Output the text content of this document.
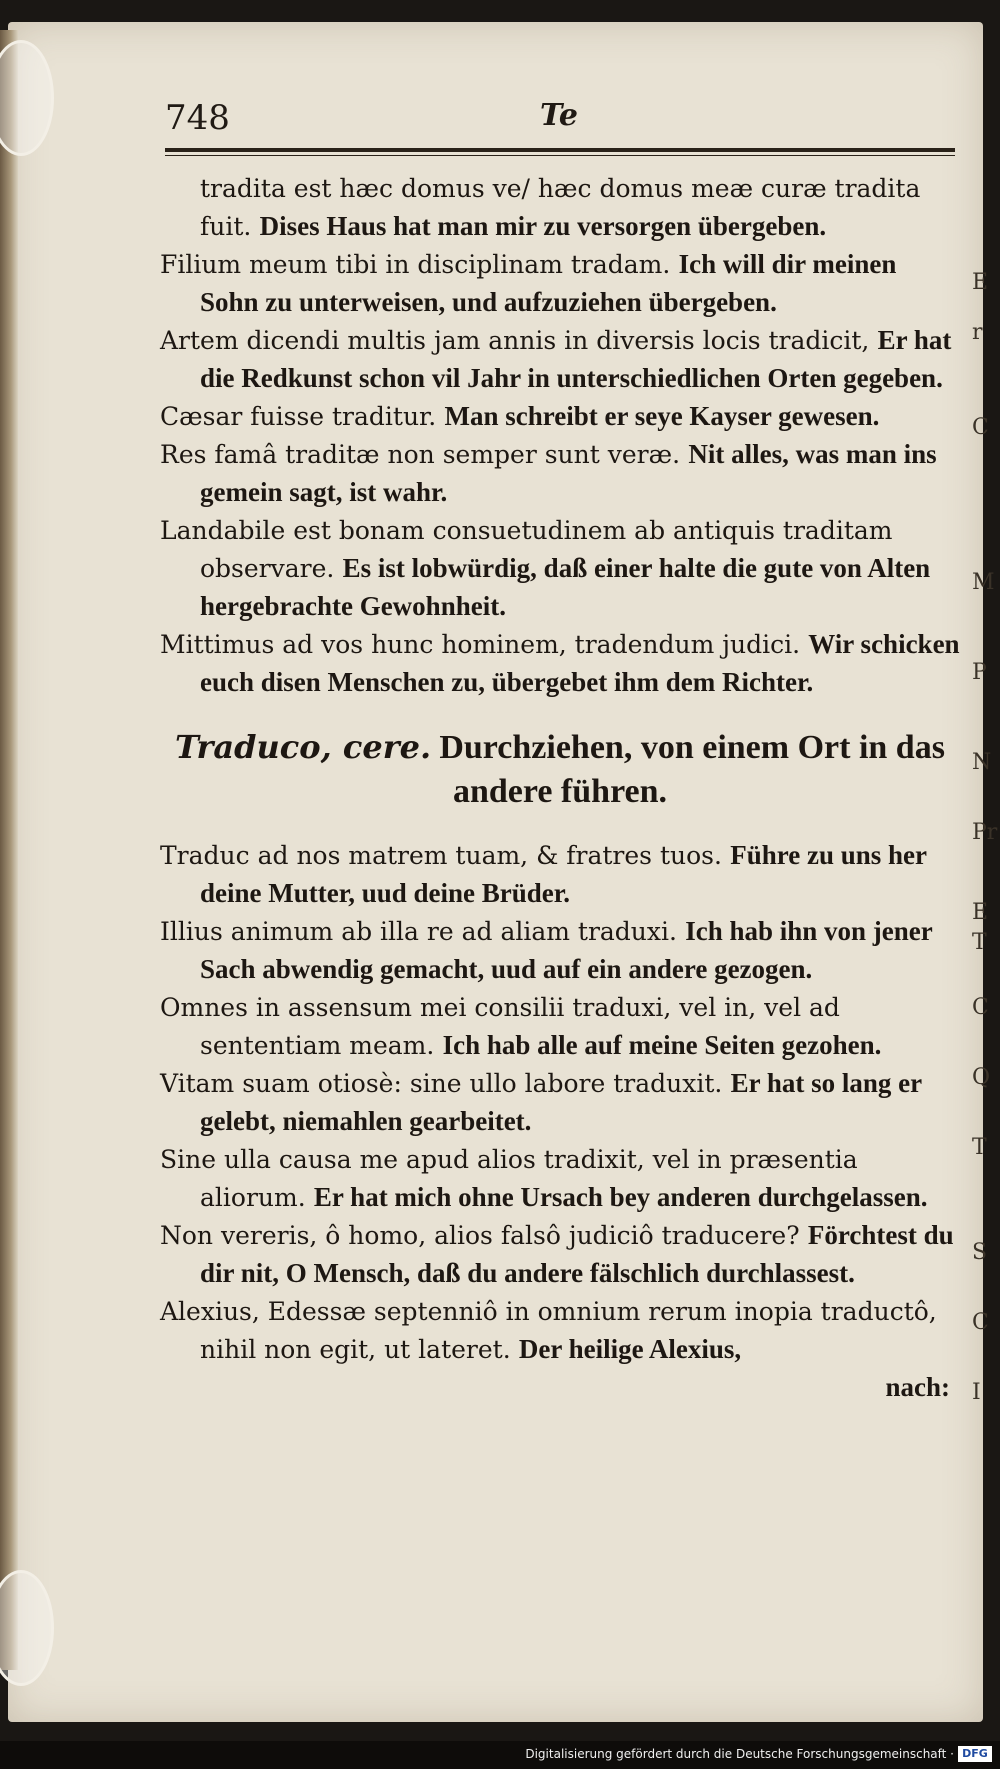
E
r
C
M
P
N
Pr
E
T
C
Q
T
S
C
I
748	Te

tradita est hæc domus ve/ hæc domus meæ curæ tradita fuit. Dises Haus hat man mir zu versorgen übergeben.

Filium meum tibi in disciplinam tradam. Ich will dir meinen Sohn zu unterweisen, und aufzuziehen übergeben.

Artem dicendi multis jam annis in diversis locis tradicit, Er hat die Redkunst schon vil Jahr in unterschiedlichen Orten gegeben.

Cæsar fuisse traditur. Man schreibt er seye Kayser gewesen.

Res famâ traditæ non semper sunt veræ. Nit alles, was man ins gemein sagt, ist wahr.

Landabile est bonam consuetudinem ab antiquis traditam observare. Es ist lobwürdig, daß einer halte die gute von Alten hergebrachte Gewohnheit.

Mittimus ad vos hunc hominem, tradendum judici. Wir schicken euch disen Menschen zu, übergebet ihm dem Richter.

Traduco, cere. Durchziehen, von einem Ort in das andere führen.

Traduc ad nos matrem tuam, & fratres tuos. Führe zu uns her deine Mutter, uud deine Brüder.

Illius animum ab illa re ad aliam traduxi. Ich hab ihn von jener Sach abwendig gemacht, uud auf ein andere gezogen.

Omnes in assensum mei consilii traduxi, vel in, vel ad sententiam meam. Ich hab alle auf meine Seiten gezohen.

Vitam suam otiosè: sine ullo labore traduxit. Er hat so lang er gelebt, niemahlen gearbeitet.

Sine ulla causa me apud alios tradixit, vel in præsentia aliorum. Er hat mich ohne Ursach bey anderen durchgelassen.

Non vereris, ô homo, alios falsô judiciô traducere? Förchtest du dir nit, O Mensch, daß du andere fälschlich durchlassest.

Alexius, Edessæ septenniô in omnium rerum inopia traductô, nihil non egit, ut lateret. Der heilige Alexius,

nach:
Digitalisierung gefördert durch die Deutsche Forschungsgemeinschaft · DFG
